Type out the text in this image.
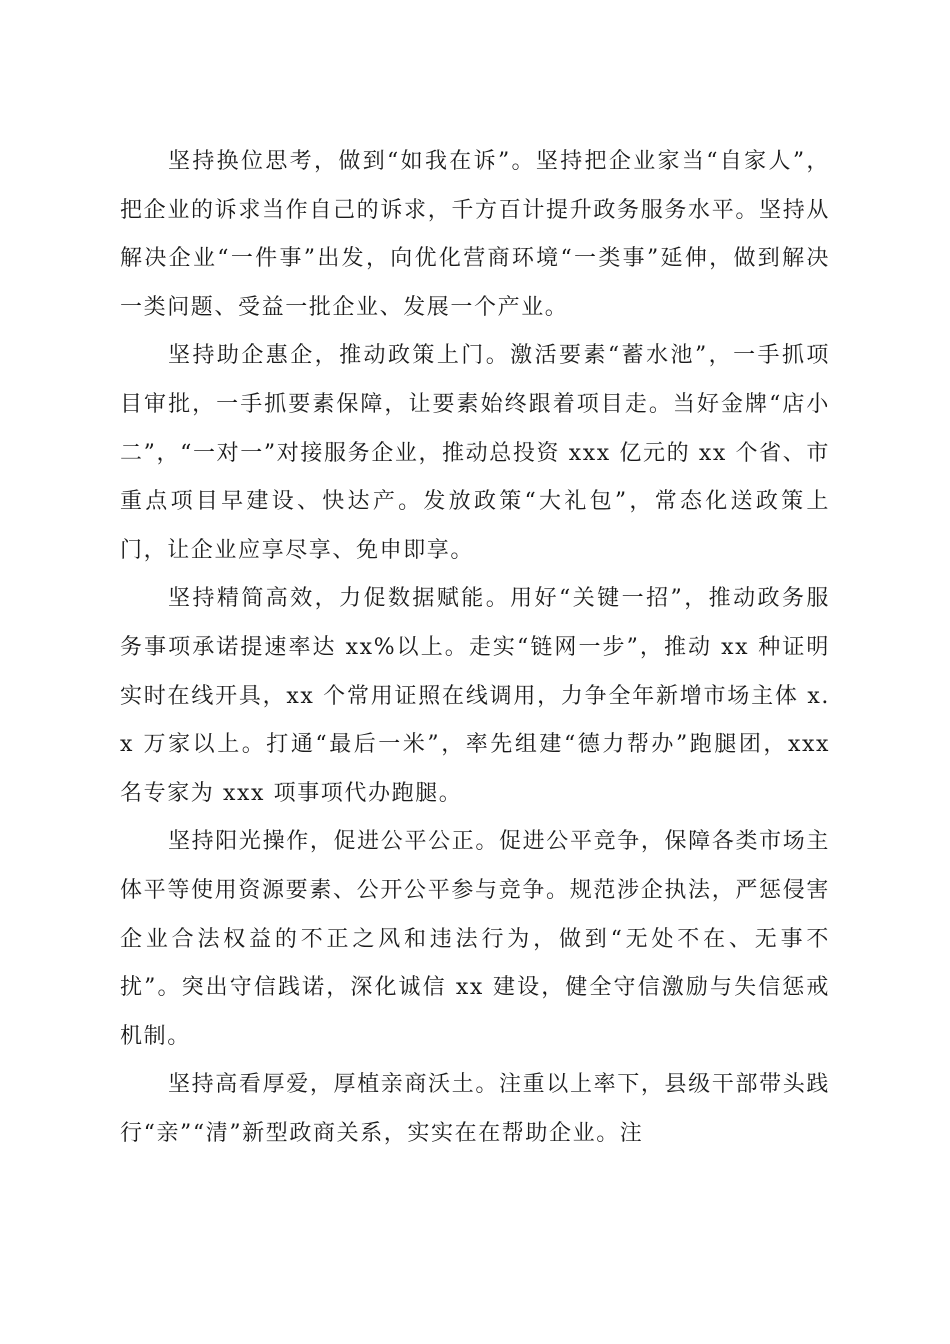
坚持换位思考，做到“如我在诉”。坚持把企业家当“自家人”，把企业的诉求当作自己的诉求，千方百计提升政务服务水平。坚持从解决企业“一件事”出发，向优化营商环境“一类事”延伸，做到解决一类问题、受益一批企业、发展一个产业。

坚持助企惠企，推动政策上门。激活要素“蓄水池”，一手抓项目审批，一手抓要素保障，让要素始终跟着项目走。当好金牌“店小二”，“一对一”对接服务企业，推动总投资 xxx 亿元的 xx 个省、市重点项目早建设、快达产。发放政策“大礼包”，常态化送政策上门，让企业应享尽享、免申即享。

坚持精简高效，力促数据赋能。用好“关键一招”，推动政务服务事项承诺提速率达 xx%以上。走实“链网一步”，推动 xx 种证明实时在线开具，xx 个常用证照在线调用，力争全年新增市场主体 x.x 万家以上。打通“最后一米”，率先组建“德力帮办”跑腿团，xxx 名专家为 xxx 项事项代办跑腿。

坚持阳光操作，促进公平公正。促进公平竞争，保障各类市场主体平等使用资源要素、公开公平参与竞争。规范涉企执法，严惩侵害企业合法权益的不正之风和违法行为，做到“无处不在、无事不扰”。突出守信践诺，深化诚信 xx 建设，健全守信激励与失信惩戒机制。

坚持高看厚爱，厚植亲商沃土。注重以上率下，县级干部带头践行“亲”“清”新型政商关系，实实在在帮助企业。注
